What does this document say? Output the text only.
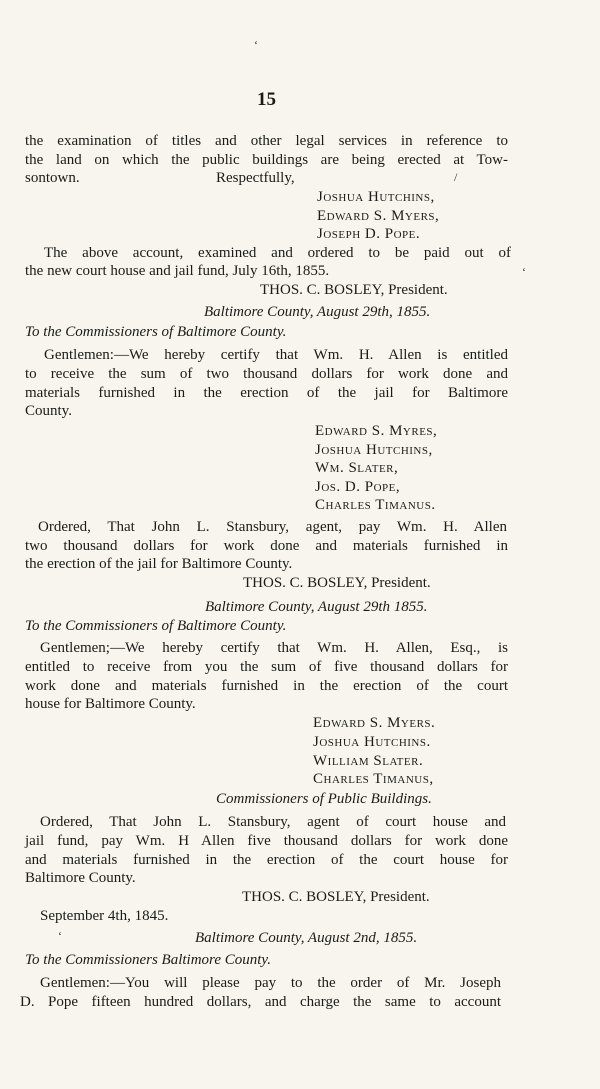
‘
15
the examination of titles and other legal services in reference to
the land on which the public buildings are being erected at Tow-
sontown.	Respectfully,	/
Joshua Hutchins,
Edward S. Myers,
Joseph D. Pope.
The above account, examined and ordered to be paid out of
the new court house and jail fund, July 16th, 1855.	‘
THOS. C. BOSLEY, President.
Baltimore County, August 29th, 1855.
To the Commissioners of Baltimore County.
Gentlemen:—We hereby certify that Wm. H. Allen is entitled
to receive the sum of two thousand dollars for work done and
materials furnished in the erection of the jail for Baltimore
County.
Edward S. Myres,
Joshua Hutchins,
Wm. Slater,
Jos. D. Pope,
Charles Timanus.
Ordered, That John L. Stansbury, agent, pay Wm. H. Allen
two thousand dollars for work done and materials furnished in
the erection of the jail for Baltimore County.
THOS. C. BOSLEY, President.
Baltimore County, August 29th 1855.
To the Commissioners of Baltimore County.
Gentlemen;—We hereby certify that Wm. H. Allen, Esq., is
entitled to receive from you the sum of five thousand dollars for
work done and materials furnished in the erection of the court
house for Baltimore County.
Edward S. Myers.
Joshua Hutchins.
William Slater.
Charles Timanus,
Commissioners of Public Buildings.
Ordered, That John L. Stansbury, agent of court house and
jail fund, pay Wm. H Allen five thousand dollars for work done
and materials furnished in the erection of the court house for
Baltimore County.
THOS. C. BOSLEY, President.
September 4th, 1845.
‘	Baltimore County, August 2nd, 1855.
To the Commissioners Baltimore County.
Gentlemen:—You will please pay to the order of Mr. Joseph
D. Pope fifteen hundred dollars, and charge the same to account
